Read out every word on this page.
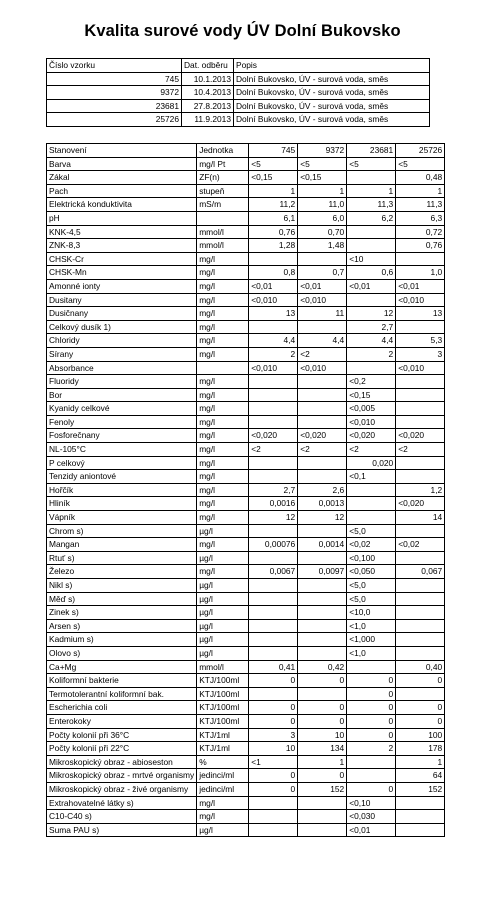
Kvalita surové vody ÚV Dolní Bukovsko
Číslo vzorku	Dat. odběru	Popis
745	10.1.2013	Dolní Bukovsko, ÚV - surová voda, směs
9372	10.4.2013	Dolní Bukovsko, ÚV - surová voda, směs
23681	27.8.2013	Dolní Bukovsko, ÚV - surová voda, směs
25726	11.9.2013	Dolní Bukovsko, ÚV - surová voda, směs
Stanovení	Jednotka	745	9372	23681	25726
Barva	mg/l Pt	<5	<5	<5	<5
Zákal	ZF(n)	<0,15	<0,15		0,48
Pach	stupeň	1	1	1	1
Elektrická konduktivita	mS/m	11,2	11,0	11,3	11,3
pH		6,1	6,0	6,2	6,3
KNK-4,5	mmol/l	0,76	0,70		0,72
ZNK-8,3	mmol/l	1,28	1,48		0,76
CHSK-Cr	mg/l			<10	
CHSK-Mn	mg/l	0,8	0,7	0,6	1,0
Amonné ionty	mg/l	<0,01	<0,01	<0,01	<0,01
Dusitany	mg/l	<0,010	<0,010		<0,010
Dusičnany	mg/l	13	11	12	13
Celkový dusík 1)	mg/l			2,7	
Chloridy	mg/l	4,4	4,4	4,4	5,3
Sírany	mg/l	2	<2	2	3
Absorbance		<0,010	<0,010		<0,010
Fluoridy	mg/l			<0,2	
Bor	mg/l			<0,15	
Kyanidy celkové	mg/l			<0,005	
Fenoly	mg/l			<0,010	
Fosforečnany	mg/l	<0,020	<0,020	<0,020	<0,020
NL-105°C	mg/l	<2	<2	<2	<2
P celkový	mg/l			0,020	
Tenzidy aniontové	mg/l			<0,1	
Hořčík	mg/l	2,7	2,6		1,2
Hliník	mg/l	0,0016	0,0013		<0,020
Vápník	mg/l	12	12		14
Chrom s)	µg/l			<5,0	
Mangan	mg/l	0,00076	0,0014	<0,02	<0,02
Rtuť s)	µg/l			<0,100	
Železo	mg/l	0,0067	0,0097	<0,050	0,067
Nikl s)	µg/l			<5,0	
Měď s)	µg/l			<5,0	
Zinek s)	µg/l			<10,0	
Arsen s)	µg/l			<1,0	
Kadmium s)	µg/l			<1,000	
Olovo s)	µg/l			<1,0	
Ca+Mg	mmol/l	0,41	0,42		0,40
Koliformní bakterie	KTJ/100ml	0	0	0	0
Termotolerantní koliformní bak.	KTJ/100ml			0	
Escherichia coli	KTJ/100ml	0	0	0	0
Enterokoky	KTJ/100ml	0	0	0	0
Počty kolonií při 36°C	KTJ/1ml	3	10	0	100
Počty kolonií při 22°C	KTJ/1ml	10	134	2	178
Mikroskopický obraz - abioseston	%	<1	1		1
Mikroskopický obraz - mrtvé organismy	jedinci/ml	0	0		64
Mikroskopický obraz - živé organismy	jedinci/ml	0	152	0	152
Extrahovatelné látky s)	mg/l			<0,10	
C10-C40 s)	mg/l			<0,030	
Suma PAU s)	µg/l			<0,01	
